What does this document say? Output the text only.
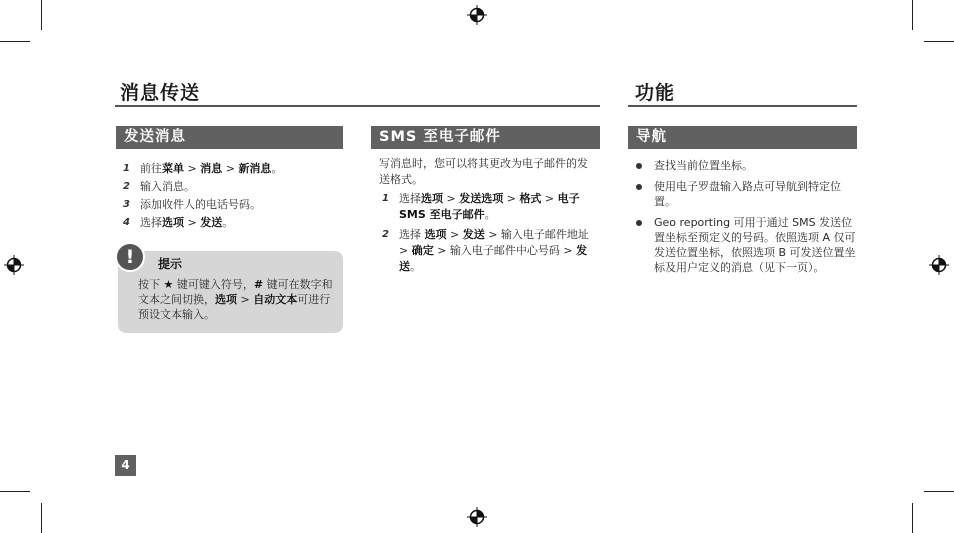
消息传送	功能
发送消息
1 前往菜单 > 消息 > 新消息。
2 输入消息。
3 添加收件人的电话号码。
4 选择选项 > 发送。
!	提示
按下 ★ 键可键入符号，# 键可在数字和文本之间切换，选项 > 自动文本可进行预设文本输入。
SMS 至电子邮件
写消息时，您可以将其更改为电子邮件的发送格式。
1 选择选项 > 发送选项 > 格式 > 电子SMS 至电子邮件。
2 选择 选项 > 发送 > 输入电子邮件地址 > 确定 > 输入电子邮件中心号码 > 发送。
导航
查找当前位置坐标。
使用电子罗盘输入路点可导航到特定位置。
Geo reporting 可用于通过 SMS 发送位置坐标至预定义的号码。依照选项 A 仅可发送位置坐标，依照选项 B 可发送位置坐标及用户定义的消息（见下一页）。
4
